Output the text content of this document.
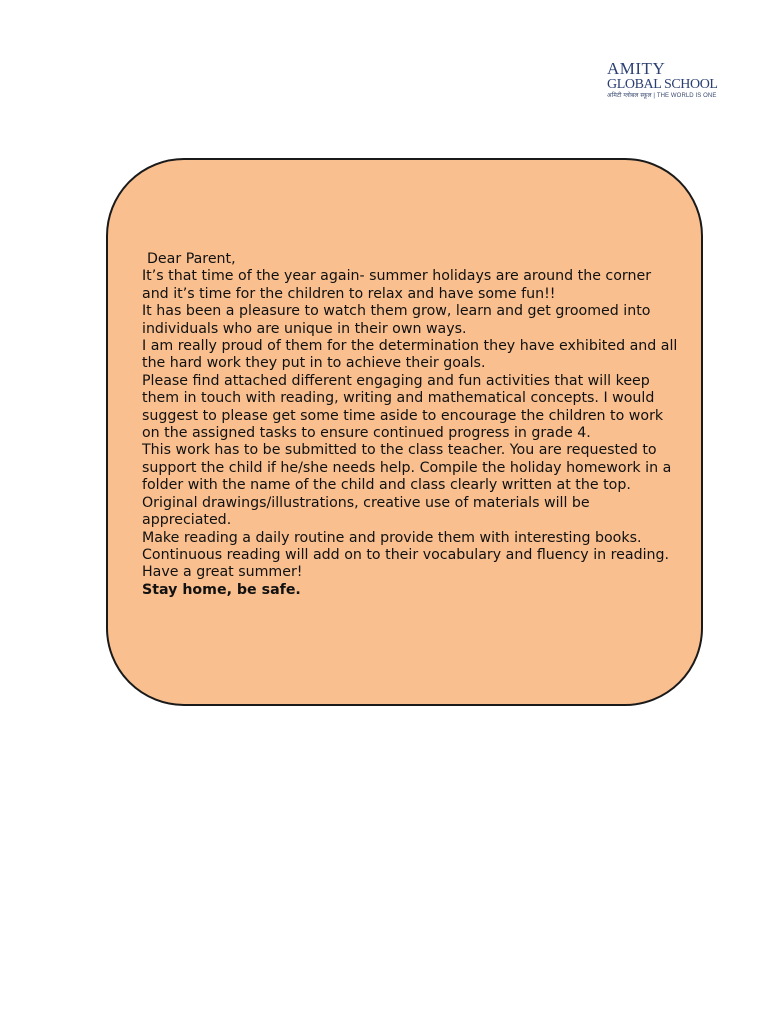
AMITY
GLOBAL SCHOOL
अमिटी ग्लोबल स्कूल | THE WORLD IS ONE

Dear Parent,

It’s that time of the year again- summer holidays are around the corner and it’s time for the children to relax and have some fun!!

It has been a pleasure to watch them grow, learn and get groomed into individuals who are unique in their own ways.

I am really proud of them for the determination they have exhibited and all the hard work they put in to achieve their goals.

Please find attached different engaging and fun activities that will keep them in touch with reading, writing and mathematical concepts. I would suggest to please get some time aside to encourage the children to work on the assigned tasks to ensure continued progress in grade 4.

This work has to be submitted to the class teacher. You are requested to support the child if he/she needs help. Compile the holiday homework in a folder with the name of the child and class clearly written at the top.

Original drawings/illustrations, creative use of materials will be appreciated.

Make reading a daily routine and provide them with interesting books. Continuous reading will add on to their vocabulary and fluency in reading.

Have a great summer!

Stay home, be safe.
